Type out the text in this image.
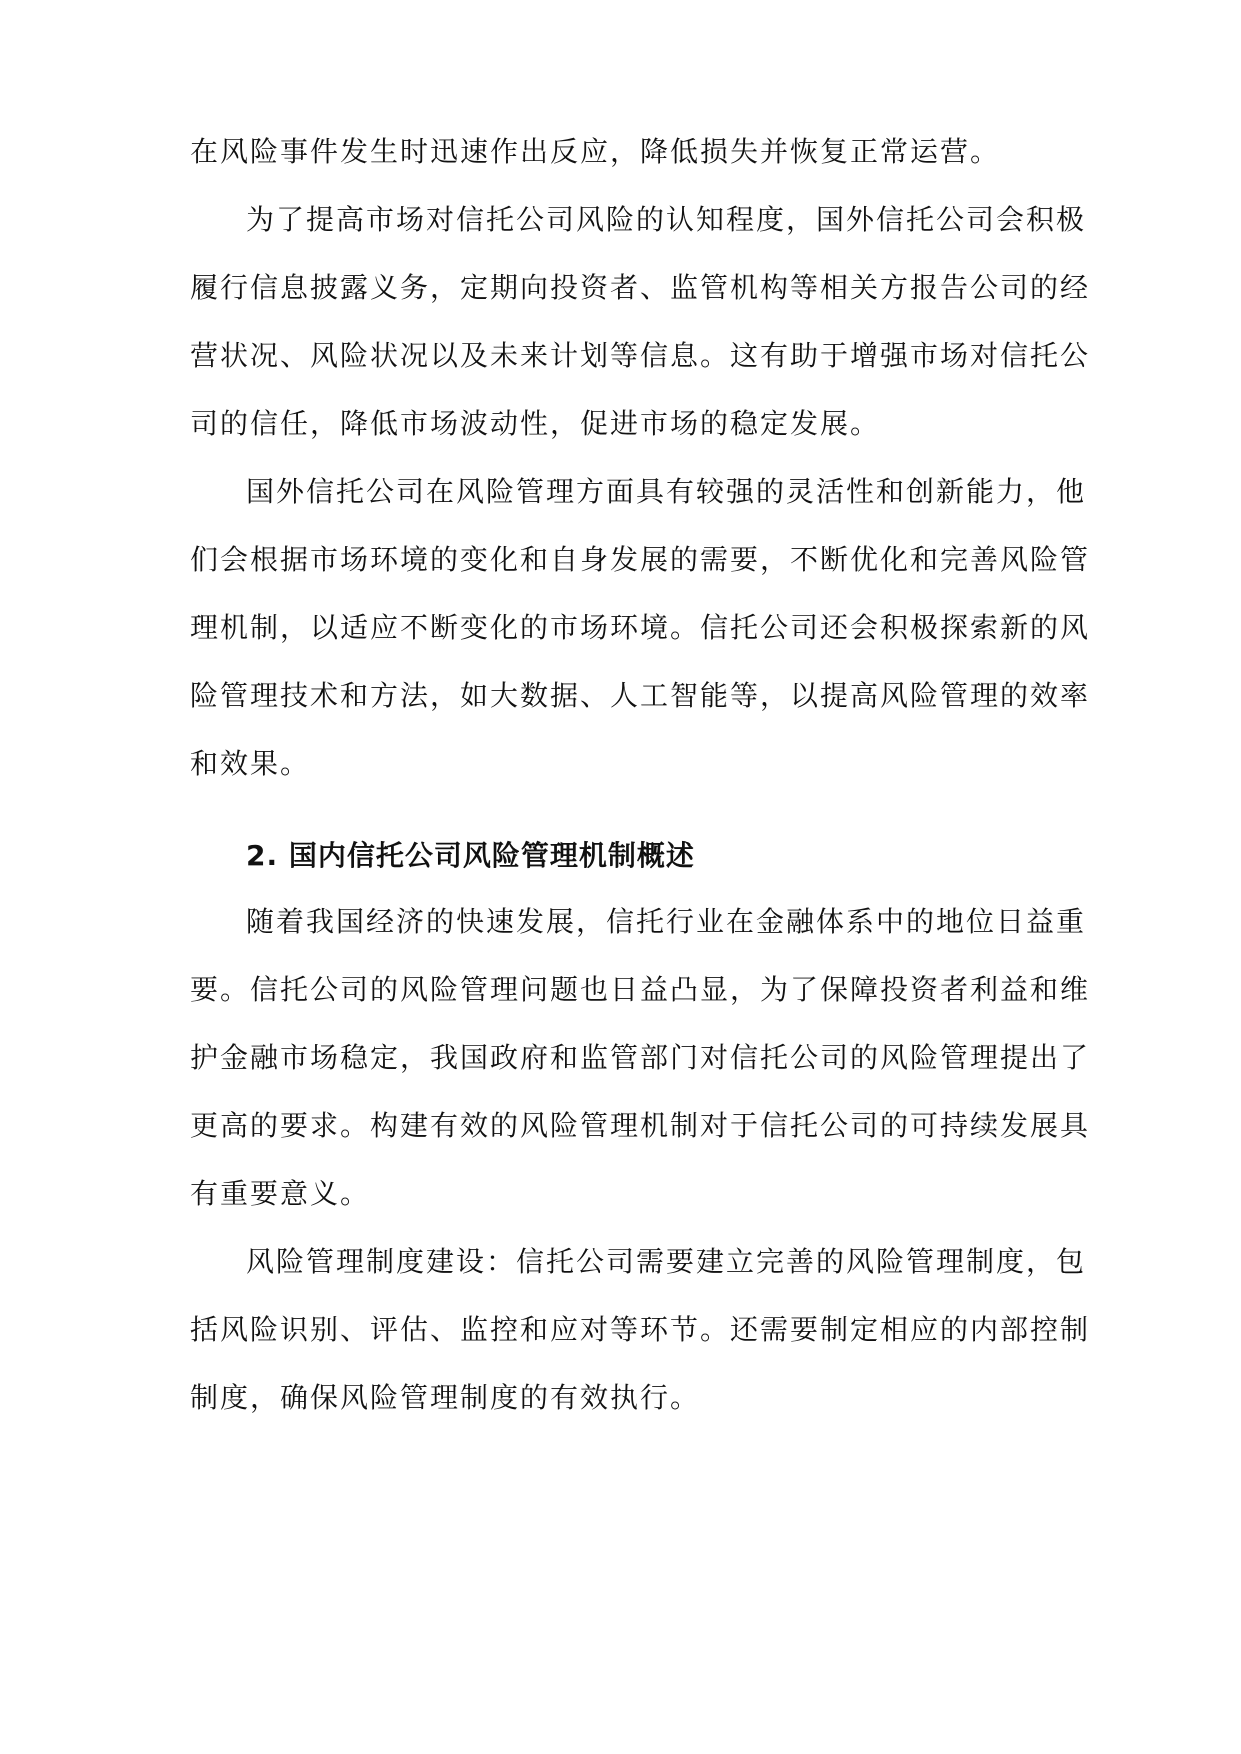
在风险事件发生时迅速作出反应，降低损失并恢复正常运营。
为了提高市场对信托公司风险的认知程度，国外信托公司会积极
履行信息披露义务，定期向投资者、监管机构等相关方报告公司的经
营状况、风险状况以及未来计划等信息。这有助于增强市场对信托公
司的信任，降低市场波动性，促进市场的稳定发展。
国外信托公司在风险管理方面具有较强的灵活性和创新能力，他
们会根据市场环境的变化和自身发展的需要，不断优化和完善风险管
理机制，以适应不断变化的市场环境。信托公司还会积极探索新的风
险管理技术和方法，如大数据、人工智能等，以提高风险管理的效率
和效果。
2. 国内信托公司风险管理机制概述
随着我国经济的快速发展，信托行业在金融体系中的地位日益重
要。信托公司的风险管理问题也日益凸显，为了保障投资者利益和维
护金融市场稳定，我国政府和监管部门对信托公司的风险管理提出了
更高的要求。构建有效的风险管理机制对于信托公司的可持续发展具
有重要意义。
风险管理制度建设：信托公司需要建立完善的风险管理制度，包
括风险识别、评估、监控和应对等环节。还需要制定相应的内部控制
制度，确保风险管理制度的有效执行。
